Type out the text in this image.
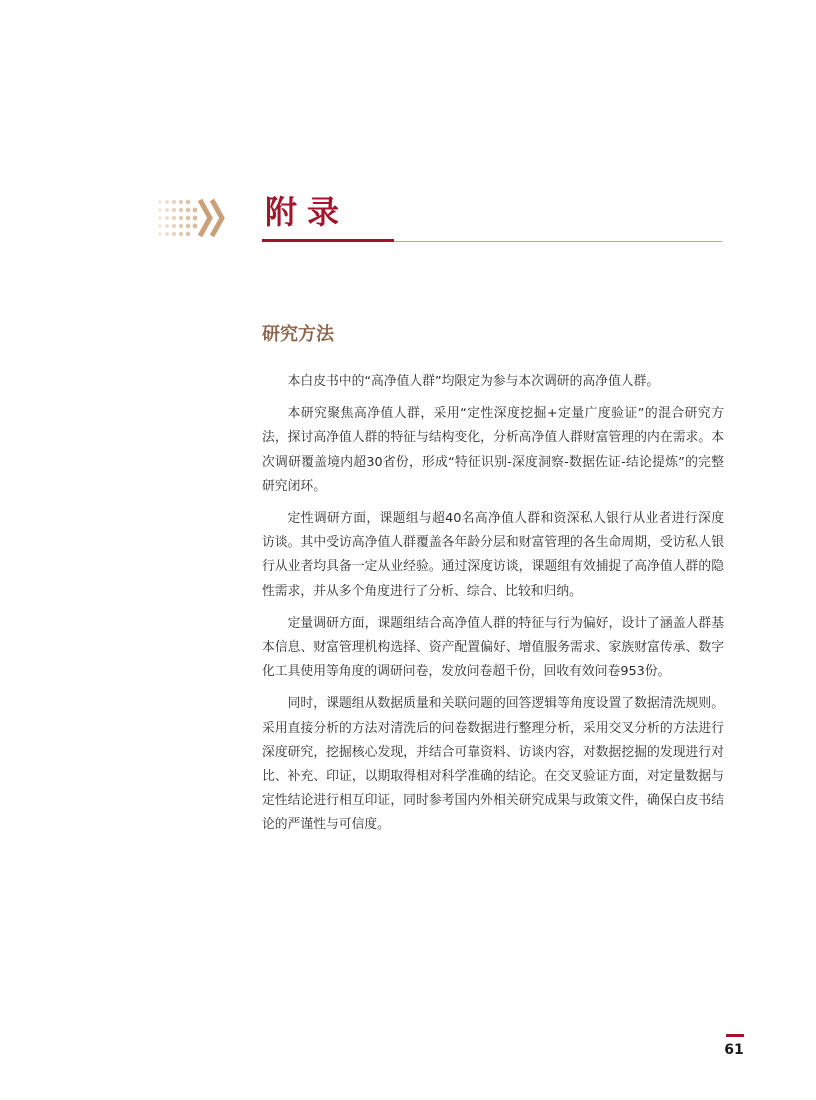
附录
研究方法

本白皮书中的“高净值人群”均限定为参与本次调研的高净值人群。

本研究聚焦高净值人群，采用“定性深度挖掘+定量广度验证”的混合研究方法，探讨高净值人群的特征与结构变化，分析高净值人群财富管理的内在需求。本次调研覆盖境内超30省份，形成“特征识别-深度洞察-数据佐证-结论提炼”的完整研究闭环。

定性调研方面，课题组与超40名高净值人群和资深私人银行从业者进行深度访谈。其中受访高净值人群覆盖各年龄分层和财富管理的各生命周期，受访私人银行从业者均具备一定从业经验。通过深度访谈，课题组有效捕捉了高净值人群的隐性需求，并从多个角度进行了分析、综合、比较和归纳。

定量调研方面，课题组结合高净值人群的特征与行为偏好，设计了涵盖人群基本信息、财富管理机构选择、资产配置偏好、增值服务需求、家族财富传承、数字化工具使用等角度的调研问卷，发放问卷超千份，回收有效问卷953份。

同时，课题组从数据质量和关联问题的回答逻辑等角度设置了数据清洗规则。采用直接分析的方法对清洗后的问卷数据进行整理分析，采用交叉分析的方法进行深度研究，挖掘核心发现，并结合可靠资料、访谈内容，对数据挖掘的发现进行对比、补充、印证，以期取得相对科学准确的结论。在交叉验证方面，对定量数据与定性结论进行相互印证，同时参考国内外相关研究成果与政策文件，确保白皮书结论的严谨性与可信度。

61
